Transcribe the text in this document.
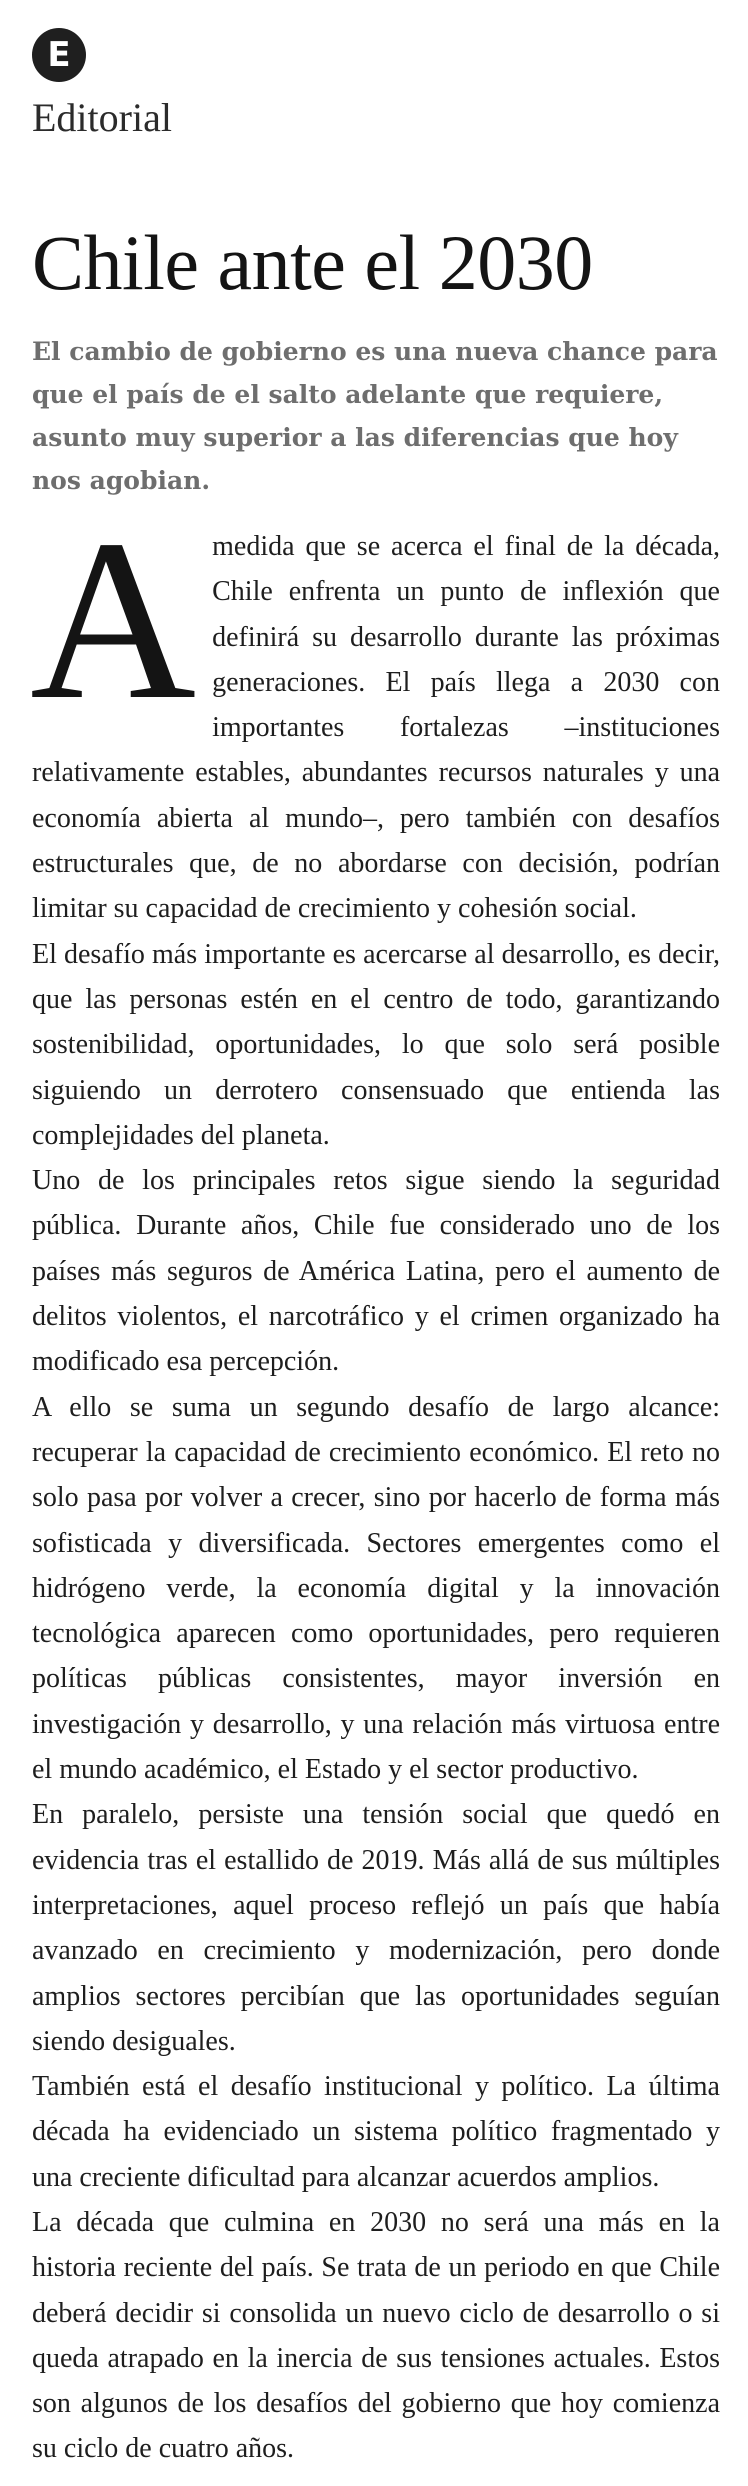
E
Editorial
Chile ante el 2030

El cambio de gobierno es una nueva chance para que el país de el salto adelante que requiere, asunto muy superior a las diferencias que hoy nos agobian.

Amedida que se acerca el final de la década, Chile enfrenta un punto de inflexión que definirá su desarrollo durante las próximas generaciones. El país llega a 2030 con importantes fortalezas –instituciones relativamente estables, abundantes recursos naturales y una economía abierta al mundo–, pero también con desafíos estructurales que, de no abordarse con decisión, podrían limitar su capacidad de crecimiento y cohesión social.

El desafío más importante es acercarse al desarrollo, es decir, que las personas estén en el centro de todo, garantizando sostenibilidad, oportunidades, lo que solo será posible siguiendo un derrotero consensuado que entienda las complejidades del planeta.

Uno de los principales retos sigue siendo la seguridad pública. Durante años, Chile fue considerado uno de los países más seguros de América Latina, pero el aumento de delitos violentos, el narcotráfico y el crimen organizado ha modificado esa percepción.

A ello se suma un segundo desafío de largo alcance: recuperar la capacidad de crecimiento económico. El reto no solo pasa por volver a crecer, sino por hacerlo de forma más sofisticada y diversificada. Sectores emergentes como el hidrógeno verde, la economía digital y la innovación tecnológica aparecen como oportunidades, pero requieren políticas públicas consistentes, mayor inversión en investigación y desarrollo, y una relación más virtuosa entre el mundo académico, el Estado y el sector productivo.

En paralelo, persiste una tensión social que quedó en evidencia tras el estallido de 2019. Más allá de sus múltiples interpretaciones, aquel proceso reflejó un país que había avanzado en crecimiento y modernización, pero donde amplios sectores percibían que las oportunidades seguían siendo desiguales.

También está el desafío institucional y político. La última década ha evidenciado un sistema político fragmentado y una creciente dificultad para alcanzar acuerdos amplios.

La década que culmina en 2030 no será una más en la historia reciente del país. Se trata de un periodo en que Chile deberá decidir si consolida un nuevo ciclo de desarrollo o si queda atrapado en la inercia de sus tensiones actuales. Estos son algunos de los desafíos del gobierno que hoy comienza su ciclo de cuatro años.
